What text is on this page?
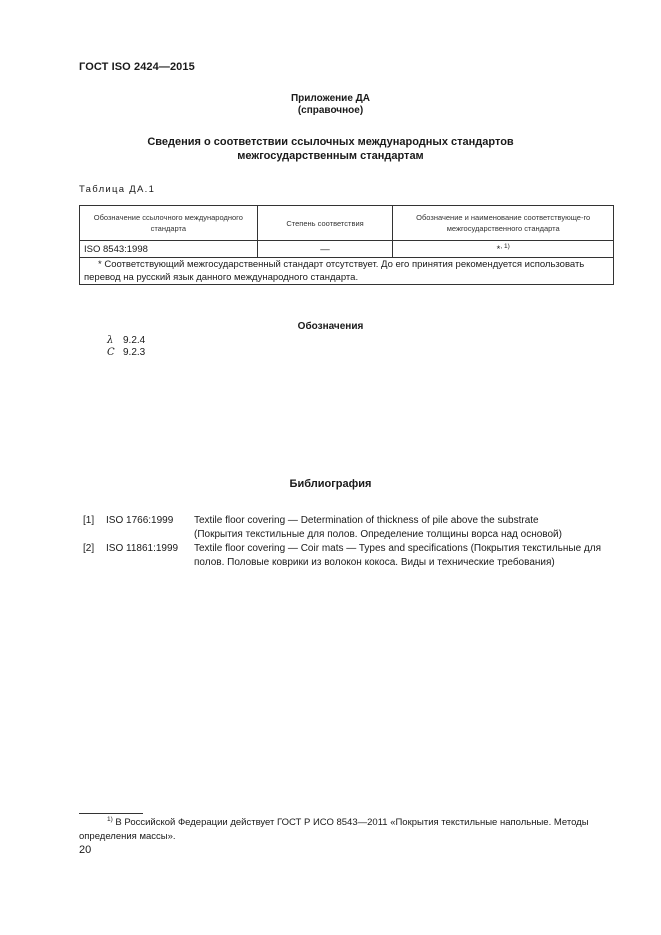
ГОСТ ISO 2424—2015
Приложение ДА
(справочное)
Сведения о соответствии ссылочных международных стандартов
межгосударственным стандартам
Таблица ДА.1
Обозначение ссылочного международного стандарта	Степень соответствия	Обозначение и наименование соответствующе-го межгосударственного стандарта
ISO 8543:1998	—	*$^{, 1)}$
* Соответствующий межгосударственный стандарт отсутствует. До его принятия рекомендуется использовать перевод на русский язык данного международного стандарта.		
Обозначения
λ 9.2.4
C 9.2.3
Библиография
[1] ISO 1766:1999 Textile floor covering — Determination of thickness of pile above the substrate
(Покрытия текстильные для полов. Определение толщины ворса над основой)
[2] ISO 11861:1999 Textile floor covering — Coir mats — Types and specifications (Покрытия текстильные для
полов. Половые коврики из волокон кокоса. Виды и технические требования)
$^{1)}$ В Российской Федерации действует ГОСТ Р ИСО 8543—2011 «Покрытия текстильные напольные. Методы определения массы».
20
